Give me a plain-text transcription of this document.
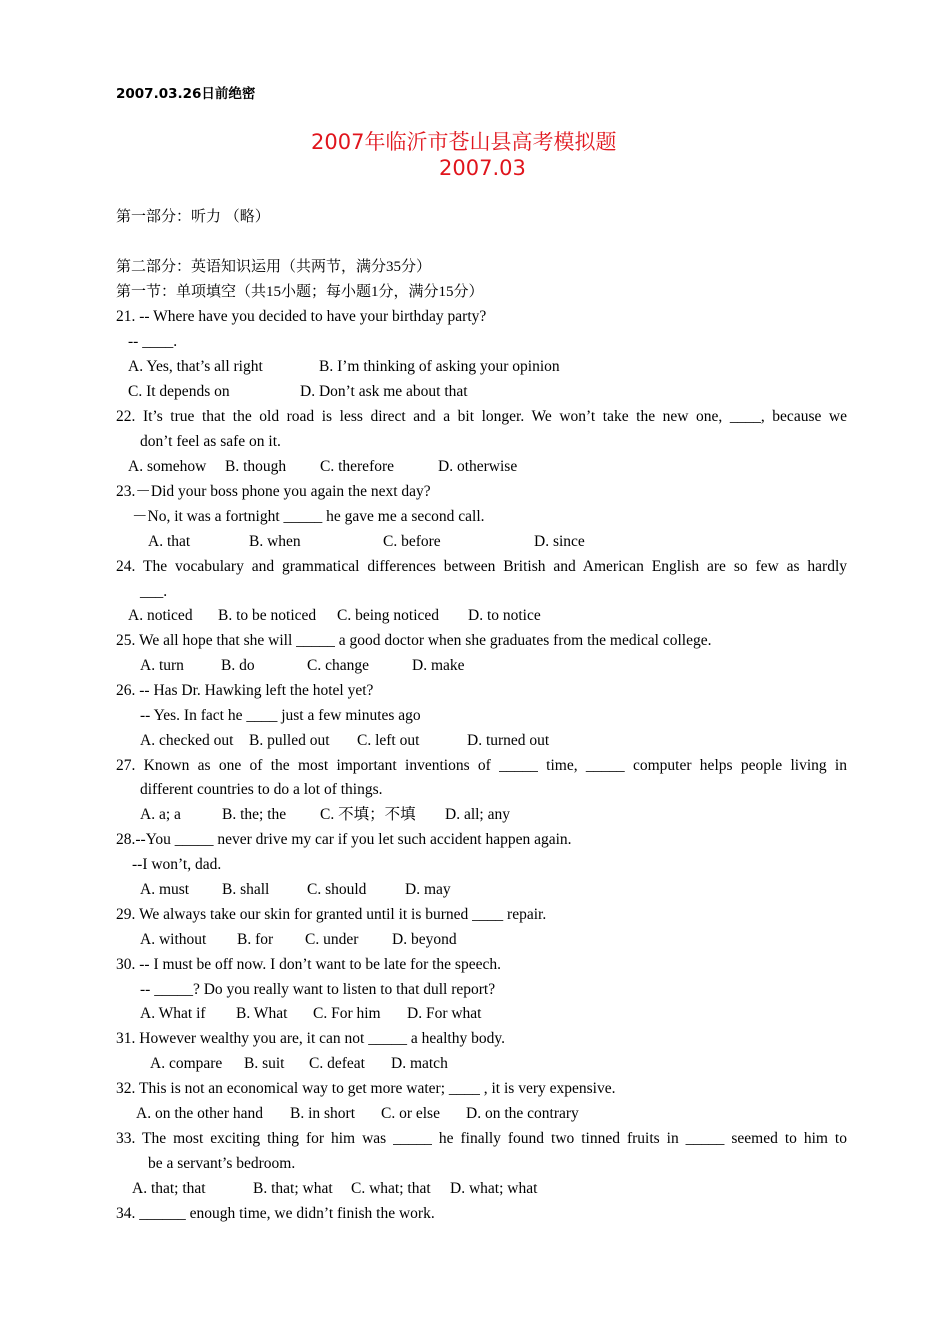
2007.03.26日前绝密
2007年临沂市苍山县高考模拟题
2007.03
第一部分：听力 （略）
第二部分：英语知识运用（共两节，满分35分）
第一节：单项填空（共15小题；每小题1分，满分15分）
21. -- Where have you decided to have your birthday party?
-- ____.
A. Yes, that’s all right	B. I’m thinking of asking your opinion
C. It depends on	D. Don’t ask me about that
22. It’s true that the old road is less direct and a bit longer. We won’t take the new one, ____, because we
don’t feel as safe on it.
A. somehow B. though C. therefore	D. otherwise
23.－Did your boss phone you again the next day?
－No, it was a fortnight _____ he gave me a second call.
A. that	B. when	C. before	D. since
24. The vocabulary and grammatical differences between British and American English are so few as hardly
___.
A. noticed B. to be noticed C. being noticed D. to notice
25. We all hope that she will _____ a good doctor when she graduates from the medical college.
A. turn B. do	C. change	D. make
26. -- Has Dr. Hawking left the hotel yet?
-- Yes. In fact he ____ just a few minutes ago
A. checked out B. pulled out C. left out	D. turned out
27. Known as one of the most important inventions of _____ time, _____ computer helps people living in
different countries to do a lot of things.
A. a; a	B. the; the C. 不填；不填 D. all; any
28.--You _____ never drive my car if you let such accident happen again.
--I won’t, dad.
A. must B. shall C. should D. may
29. We always take our skin for granted until it is burned ____ repair.
A. without B. for C. under D. beyond
30. -- I must be off now. I don’t want to be late for the speech.
-- _____? Do you really want to listen to that dull report?
A. What if B. What C. For him D. For what
31. However wealthy you are, it can not _____ a healthy body.
A. compare B. suit C. defeat D. match
32. This is not an economical way to get more water; ____ , it is very expensive.
A. on the other hand B. in short C. or else D. on the contrary
33. The most exciting thing for him was _____ he finally found two tinned fruits in _____ seemed to him to
be a servant’s bedroom.
A. that; that	B. that; what C. what; that D. what; what
34. ______ enough time, we didn’t finish the work.
